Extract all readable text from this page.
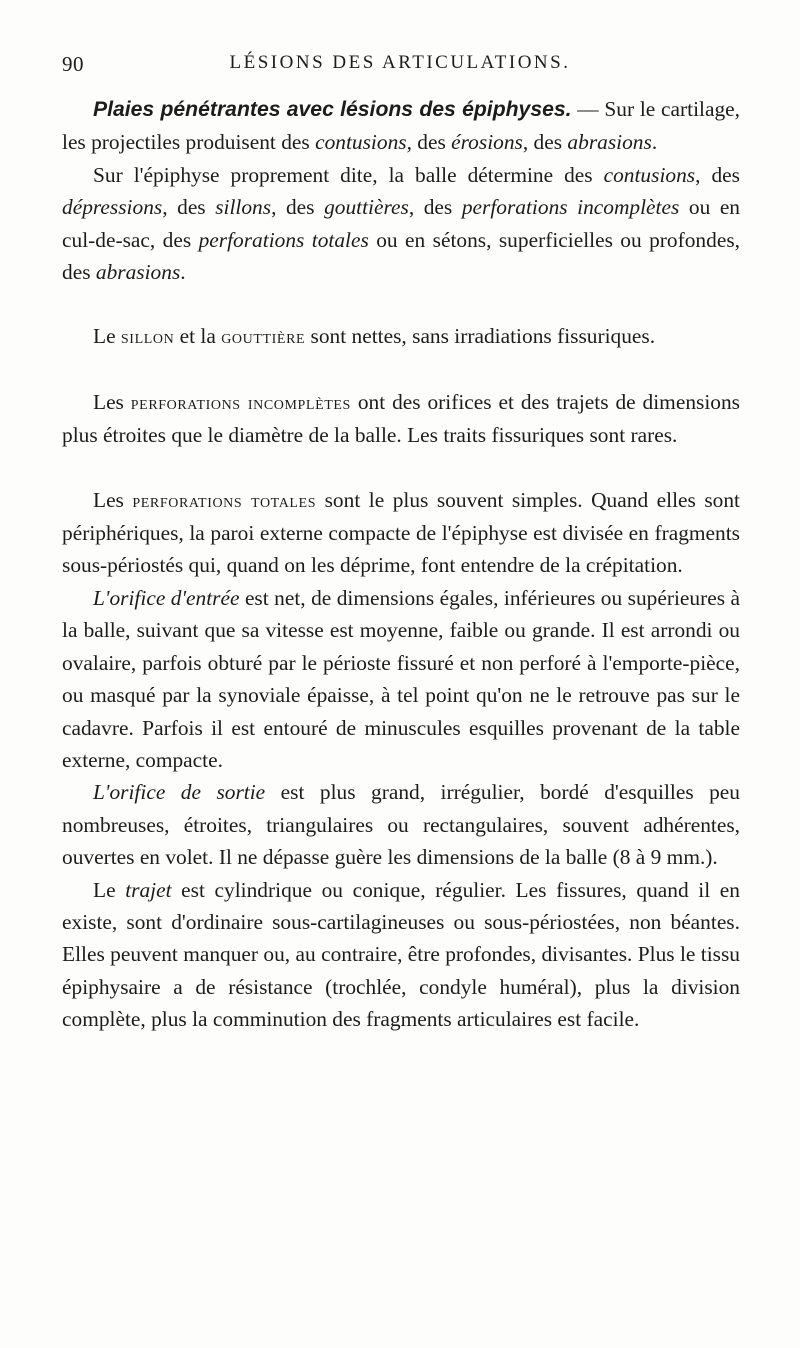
90	LÉSIONS DES ARTICULATIONS.

Plaies pénétrantes avec lésions des épiphyses. — Sur le cartilage, les projectiles produisent des contusions, des érosions, des abrasions.

Sur l'épiphyse proprement dite, la balle détermine des contusions, des dépressions, des sillons, des gouttières, des perforations incomplètes ou en cul-de-sac, des perforations totales ou en sétons, superficielles ou profondes, des abrasions.

Le sillon et la gouttière sont nettes, sans irradiations fissuriques.

Les perforations incomplètes ont des orifices et des trajets de dimensions plus étroites que le diamètre de la balle. Les traits fissuriques sont rares.

Les perforations totales sont le plus souvent simples. Quand elles sont périphériques, la paroi externe compacte de l'épiphyse est divisée en fragments sous-périostés qui, quand on les déprime, font entendre de la crépitation.

L'orifice d'entrée est net, de dimensions égales, inférieures ou supérieures à la balle, suivant que sa vitesse est moyenne, faible ou grande. Il est arrondi ou ovalaire, parfois obturé par le périoste fissuré et non perforé à l'emporte-pièce, ou masqué par la synoviale épaisse, à tel point qu'on ne le retrouve pas sur le cadavre. Parfois il est entouré de minuscules esquilles provenant de la table externe, compacte.

L'orifice de sortie est plus grand, irrégulier, bordé d'esquilles peu nombreuses, étroites, triangulaires ou rectangulaires, souvent adhérentes, ouvertes en volet. Il ne dépasse guère les dimensions de la balle (8 à 9 mm.).

Le trajet est cylindrique ou conique, régulier. Les fissures, quand il en existe, sont d'ordinaire sous-cartilagineuses ou sous-périostées, non béantes. Elles peuvent manquer ou, au contraire, être profondes, divisantes. Plus le tissu épiphysaire a de résistance (trochlée, condyle huméral), plus la division complète, plus la comminution des fragments articulaires est facile.
